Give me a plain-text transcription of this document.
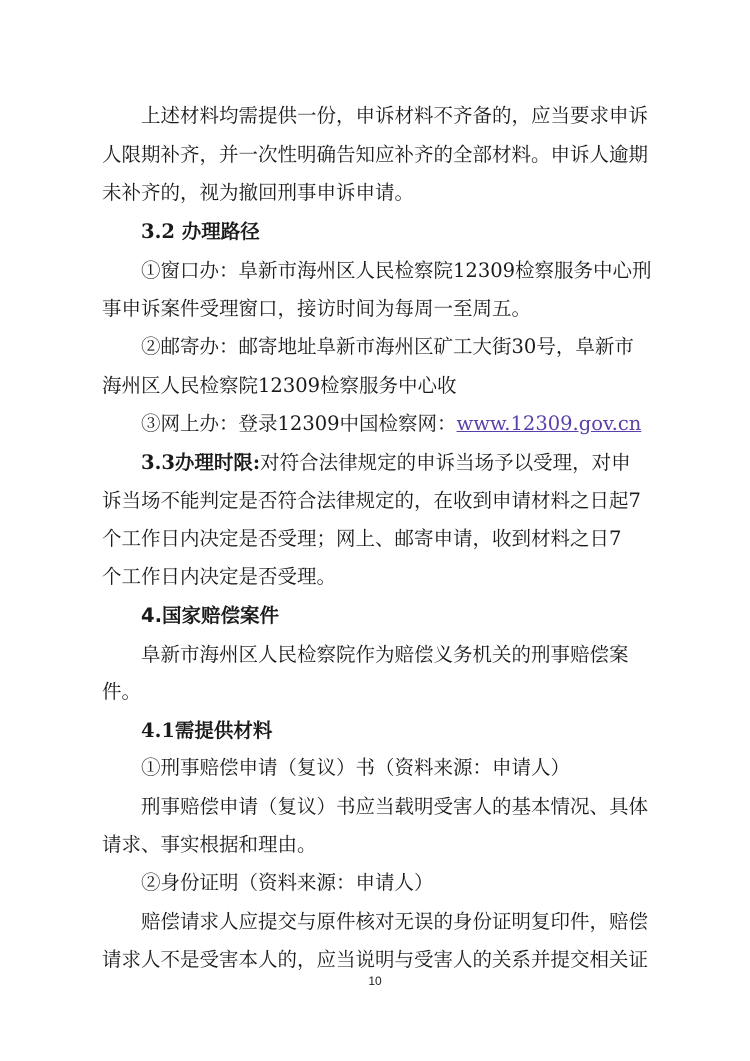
上述材料均需提供一份，申诉材料不齐备的，应当要求申诉
人限期补齐，并一次性明确告知应补齐的全部材料。申诉人逾期
未补齐的，视为撤回刑事申诉申请。
3.2 办理路径
①窗口办：阜新市海州区人民检察院12309检察服务中心刑
事申诉案件受理窗口，接访时间为每周一至周五。
②邮寄办：邮寄地址阜新市海州区矿工大街30号，阜新市
海州区人民检察院12309检察服务中心收
③网上办：登录12309中国检察网：www.12309.gov.cn
3.3办理时限:对符合法律规定的申诉当场予以受理，对申
诉当场不能判定是否符合法律规定的，在收到申请材料之日起7
个工作日内决定是否受理；网上、邮寄申请，收到材料之日7
个工作日内决定是否受理。
4.国家赔偿案件
阜新市海州区人民检察院作为赔偿义务机关的刑事赔偿案
件。
4.1需提供材料
①刑事赔偿申请（复议）书（资料来源：申请人）
刑事赔偿申请（复议）书应当载明受害人的基本情况、具体
请求、事实根据和理由。
②身份证明（资料来源：申请人）
赔偿请求人应提交与原件核对无误的身份证明复印件，赔偿
请求人不是受害本人的，应当说明与受害人的关系并提交相关证
10
